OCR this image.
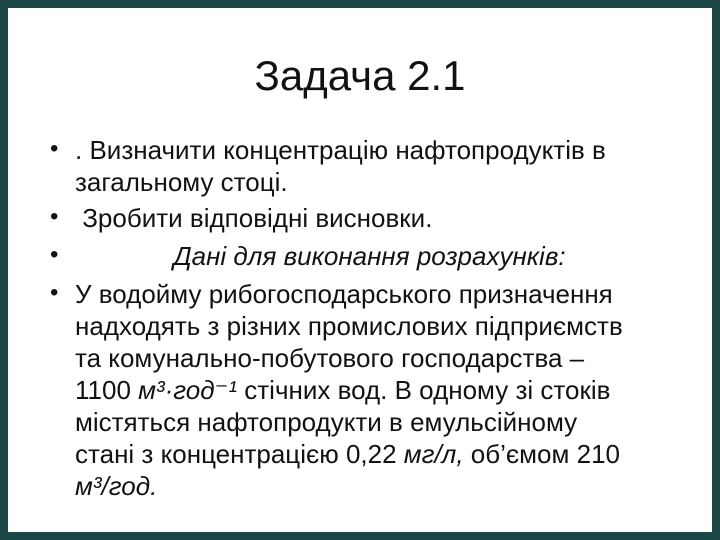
Задача 2.1
• . Визначити концентрацію нафтопродуктів в
загальному стоці.
• Зробити відповідні висновки.
•	Дані для виконання розрахунків:
• У водойму рибогосподарського призначення
надходять з різних промислових підприємств
та комунально-побутового господарства –
1100 м³·год⁻¹ стічних вод. В одному зі стоків
містяться нафтопродукти в емульсійному
стані з концентрацією 0,22 мг/л, об’ємом 210
м³/год.
